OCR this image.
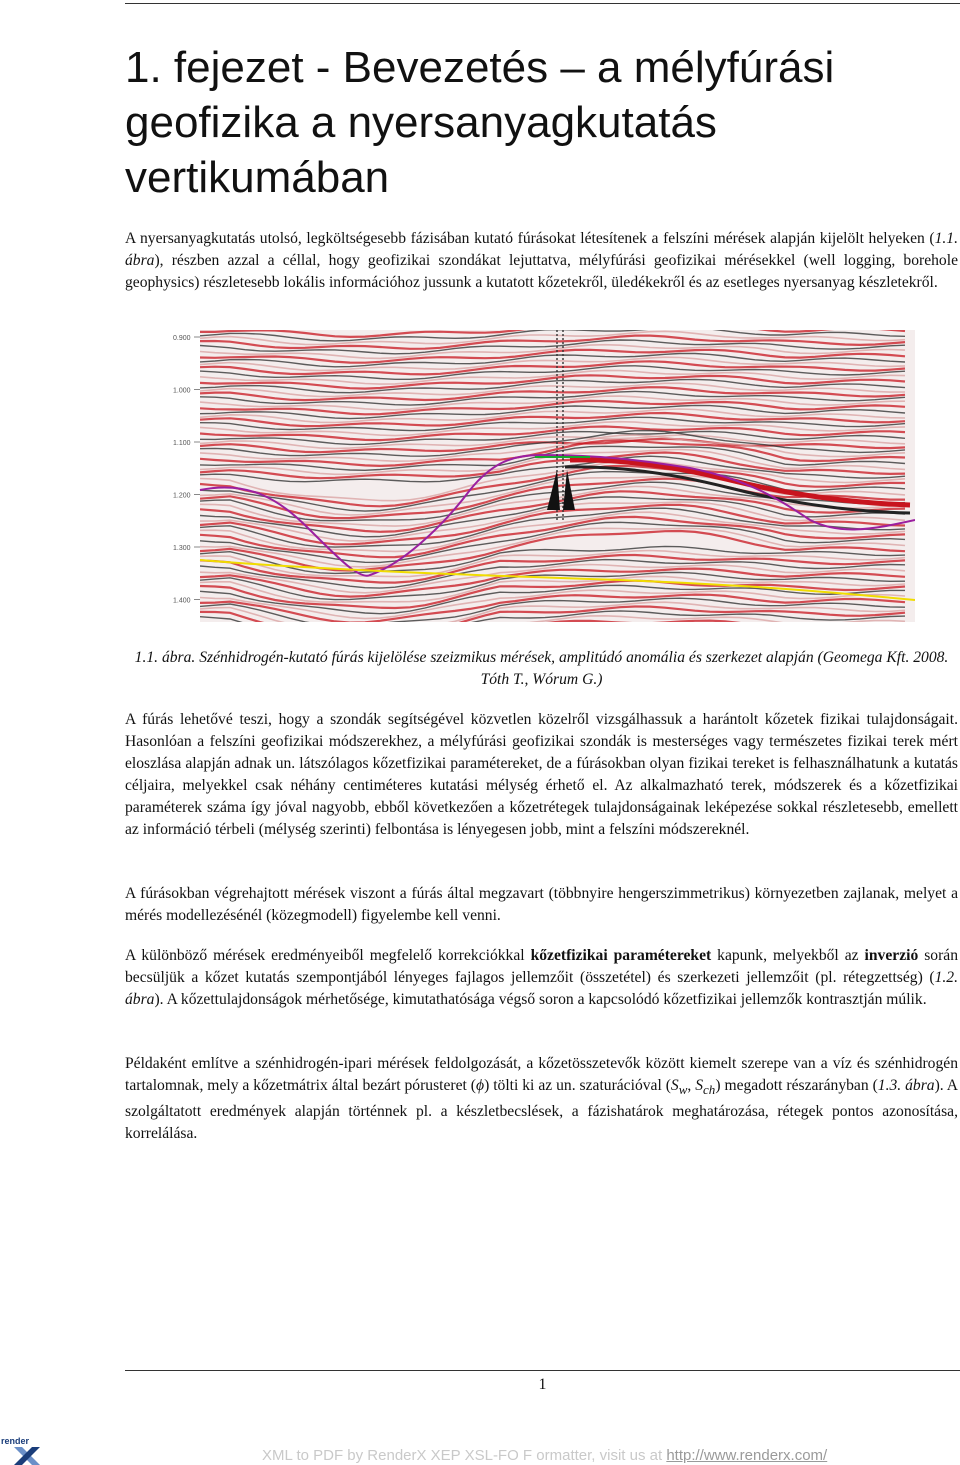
1. fejezet - Bevezetés – a mélyfúrási geofizika a nyersanyagkutatás vertikumában

A nyersanyagkutatás utolsó, legköltségesebb fázisában kutató fúrásokat létesítenek a felszíni mérések alapján kijelölt helyeken (1.1. ábra), részben azzal a céllal, hogy geofizikai szondákat lejuttatva, mélyfúrási geofizikai mérésekkel (well logging, borehole geophysics) részletesebb lokális információhoz jussunk a kutatott kőzetekről, üledékekről és az esetleges nyersanyag készletekről.

0.900
1.000
1.100
1.200
1.300
1.400

1.1. ábra. Szénhidrogén-kutató fúrás kijelölése szeizmikus mérések, amplitúdó anomália és szerkezet alapján (Geomega Kft. 2008. Tóth T., Wórum G.)

A fúrás lehetővé teszi, hogy a szondák segítségével közvetlen közelről vizsgálhassuk a harántolt kőzetek fizikai tulajdonságait. Hasonlóan a felszíni geofizikai módszerekhez, a mélyfúrási geofizikai szondák is mesterséges vagy természetes fizikai terek mért eloszlása alapján adnak un. látszólagos kőzetfizikai paramétereket, de a fúrásokban olyan fizikai tereket is felhasználhatunk a kutatás céljaira, melyekkel csak néhány centiméteres kutatási mélység érhető el. Az alkalmazható terek, módszerek és a kőzetfizikai paraméterek száma így jóval nagyobb, ebből következően a kőzetrétegek tulajdonságainak leképezése sokkal részletesebb, emellett az információ térbeli (mélység szerinti) felbontása is lényegesen jobb, mint a felszíni módszereknél.

A fúrásokban végrehajtott mérések viszont a fúrás által megzavart (többnyire hengerszimmetrikus) környezetben zajlanak, melyet a mérés modellezésénél (közegmodell) figyelembe kell venni.

A különböző mérések eredményeiből megfelelő korrekciókkal kőzetfizikai paramétereket kapunk, melyekből az inverzió során becsüljük a kőzet kutatás szempontjából lényeges fajlagos jellemzőit (összetétel) és szerkezeti jellemzőit (pl. rétegzettség) (1.2. ábra). A kőzettulajdonságok mérhetősége, kimutathatósága végső soron a kapcsolódó kőzetfizikai jellemzők kontrasztján múlik.

Példaként említve a szénhidrogén-ipari mérések feldolgozását, a kőzetösszetevők között kiemelt szerepe van a víz és szénhidrogén tartalomnak, mely a kőzetmátrix által bezárt pórusteret (ϕ) tölti ki az un. szaturációval ($S_w$, $S_{ch}$) megadott részarányban (1.3. ábra). A szolgáltatott eredmények alapján történnek pl. a készletbecslések, a fázishatárok meghatározása, rétegek pontos azonosítása, korrelálása.

1
render
XML to PDF by RenderX XEP XSL-FO F ormatter, visit us at http://www.renderx.com/
